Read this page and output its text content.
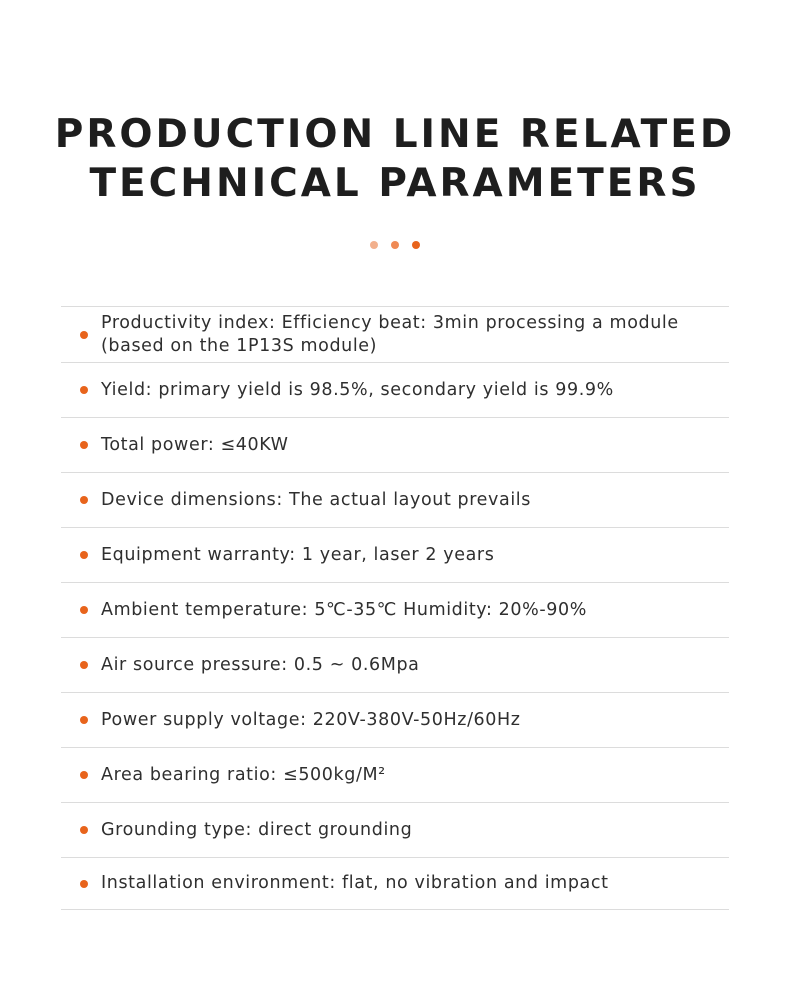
PRODUCTION LINE RELATED
TECHNICAL PARAMETERS
Productivity index: Efficiency beat: 3min processing a module (based on the 1P13S module)
Yield: primary yield is 98.5%, secondary yield is 99.9%
Total power: ≤40KW
Device dimensions: The actual layout prevails
Equipment warranty: 1 year, laser 2 years
Ambient temperature: 5℃-35℃ Humidity: 20%-90%
Air source pressure: 0.5 ~ 0.6Mpa
Power supply voltage: 220V-380V-50Hz/60Hz
Area bearing ratio: ≤500kg/M²
Grounding type: direct grounding
Installation environment: flat, no vibration and impact
